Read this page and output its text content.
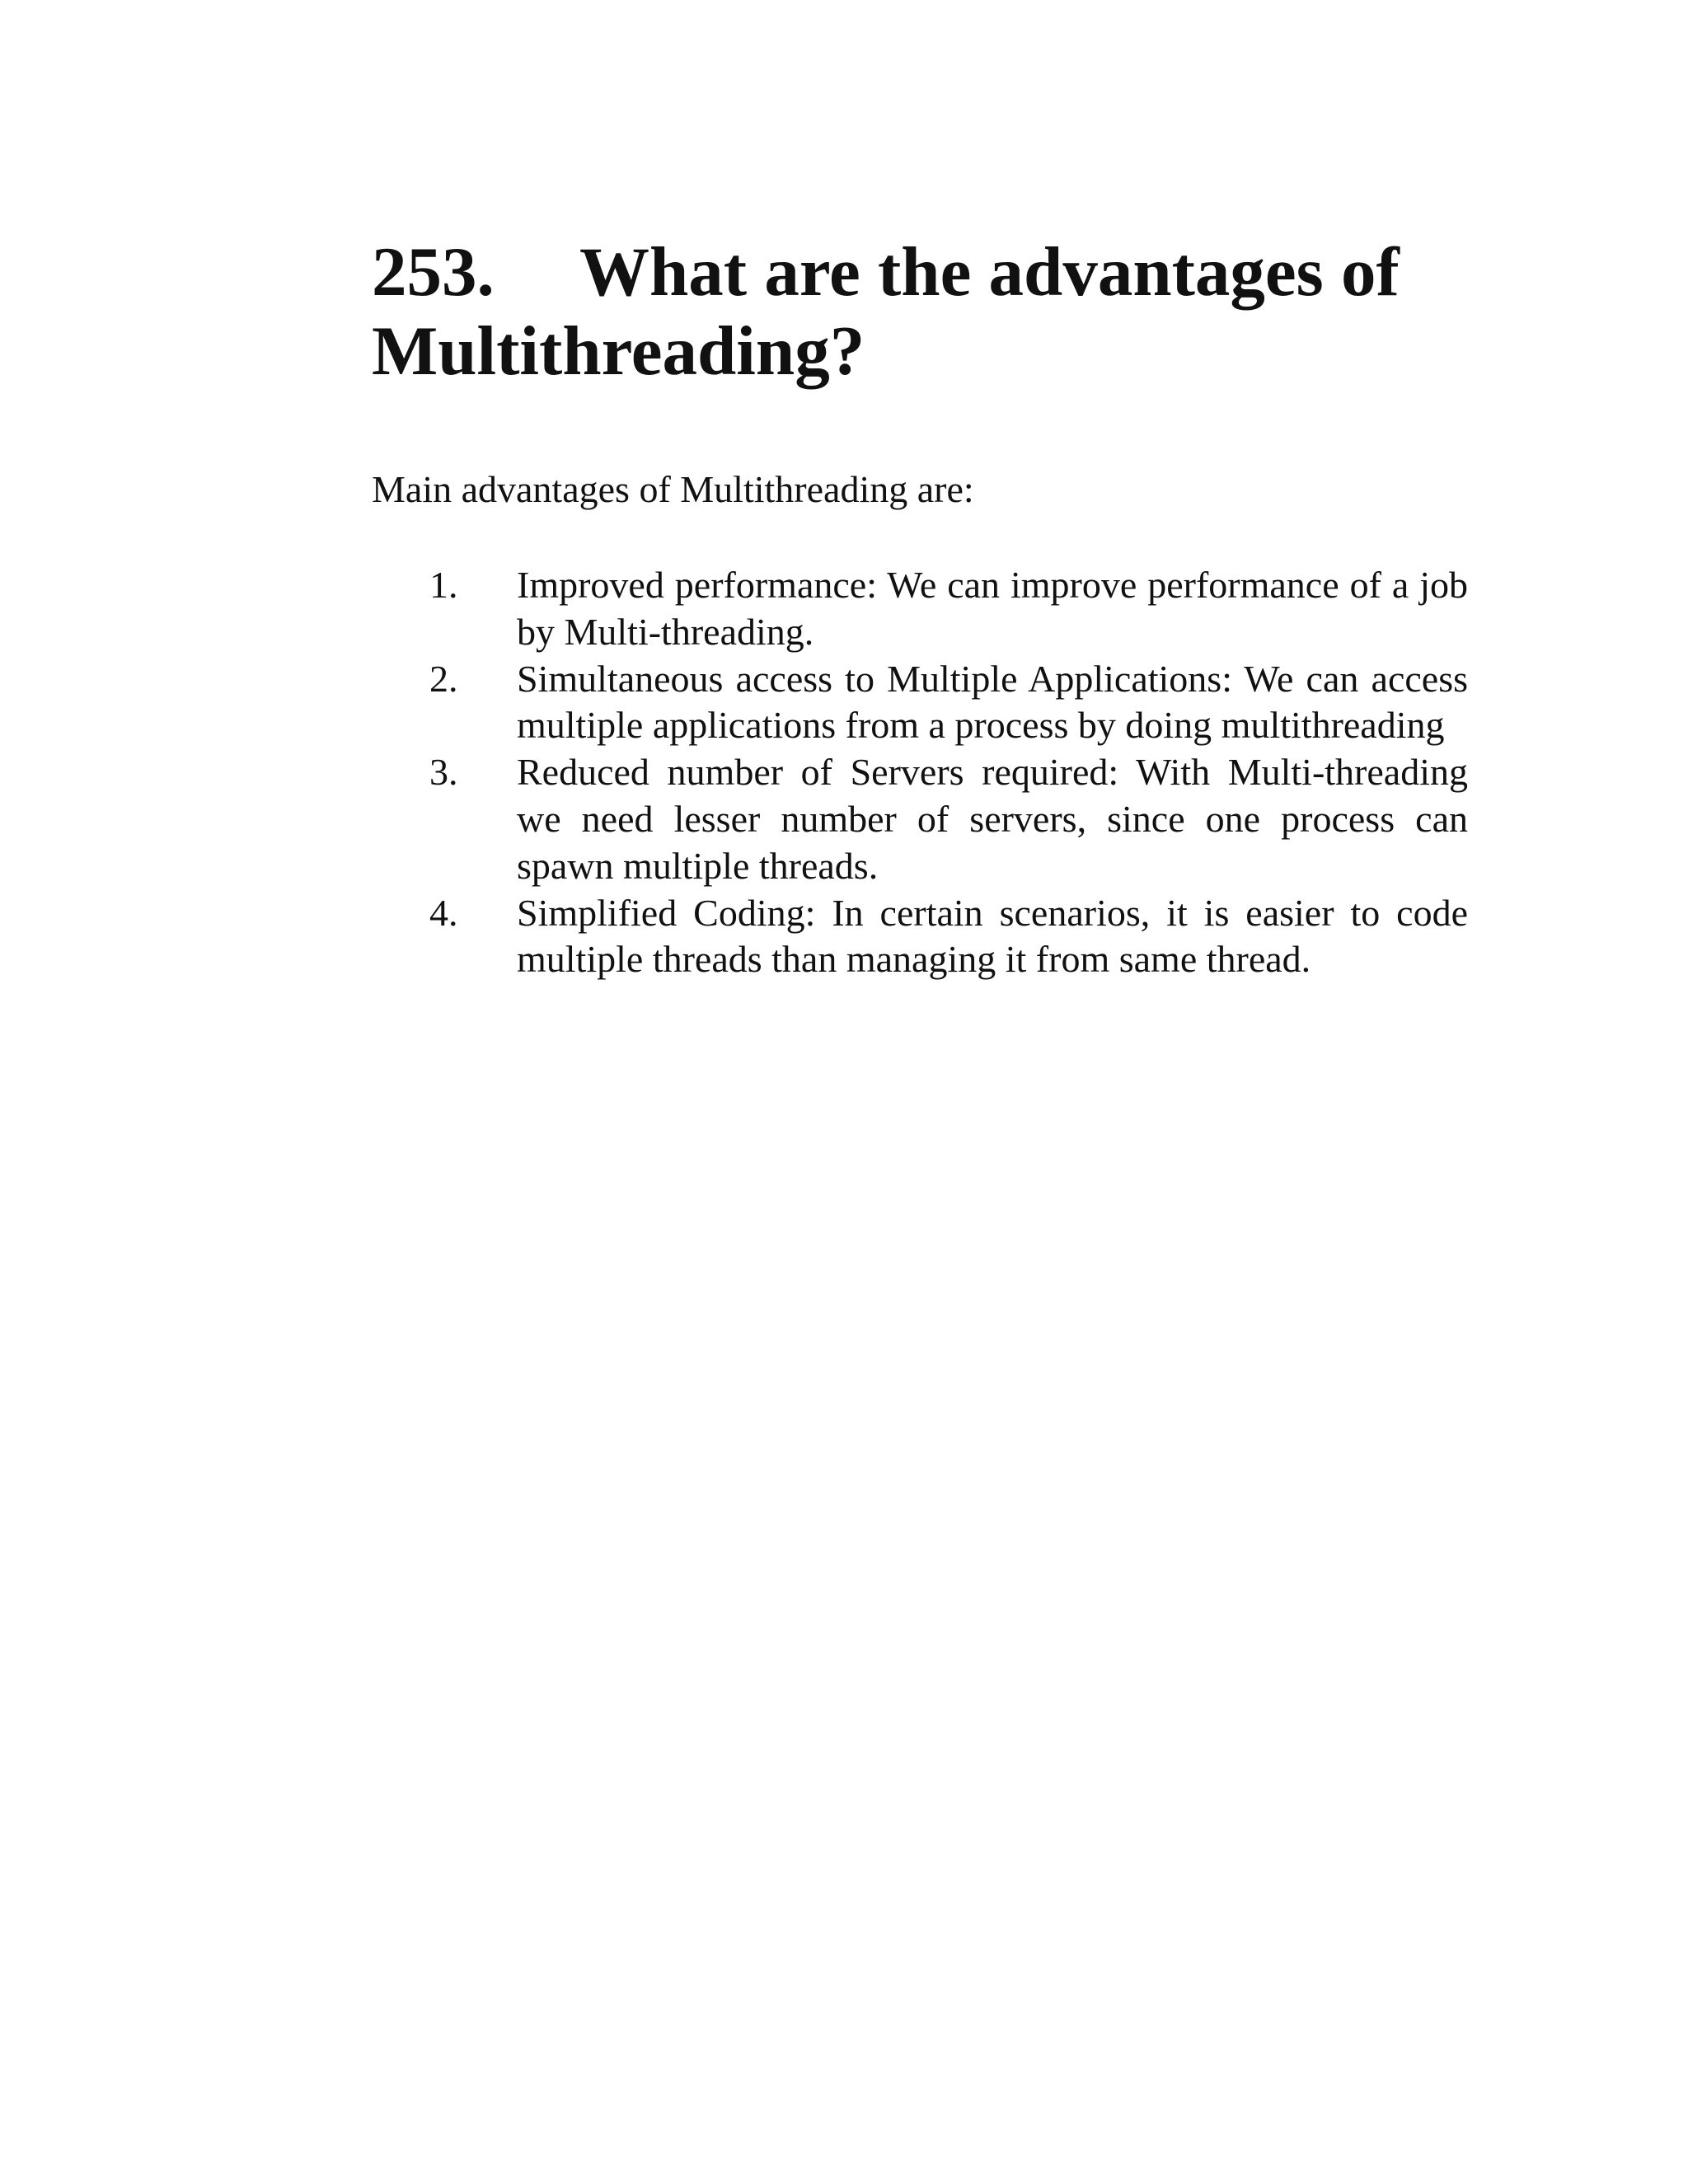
253. What are the advantages of Multithreading?

Main advantages of Multithreading are:

1.	Improved performance: We can improve performance of a job by Multi-threading.
2.	Simultaneous access to Multiple Applications: We can access multiple applications from a process by doing multithreading
3.	Reduced number of Servers required: With Multi-threading we need lesser number of servers, since one process can spawn multiple threads.
4.	Simplified Coding: In certain scenarios, it is easier to code multiple threads than managing it from same thread.
